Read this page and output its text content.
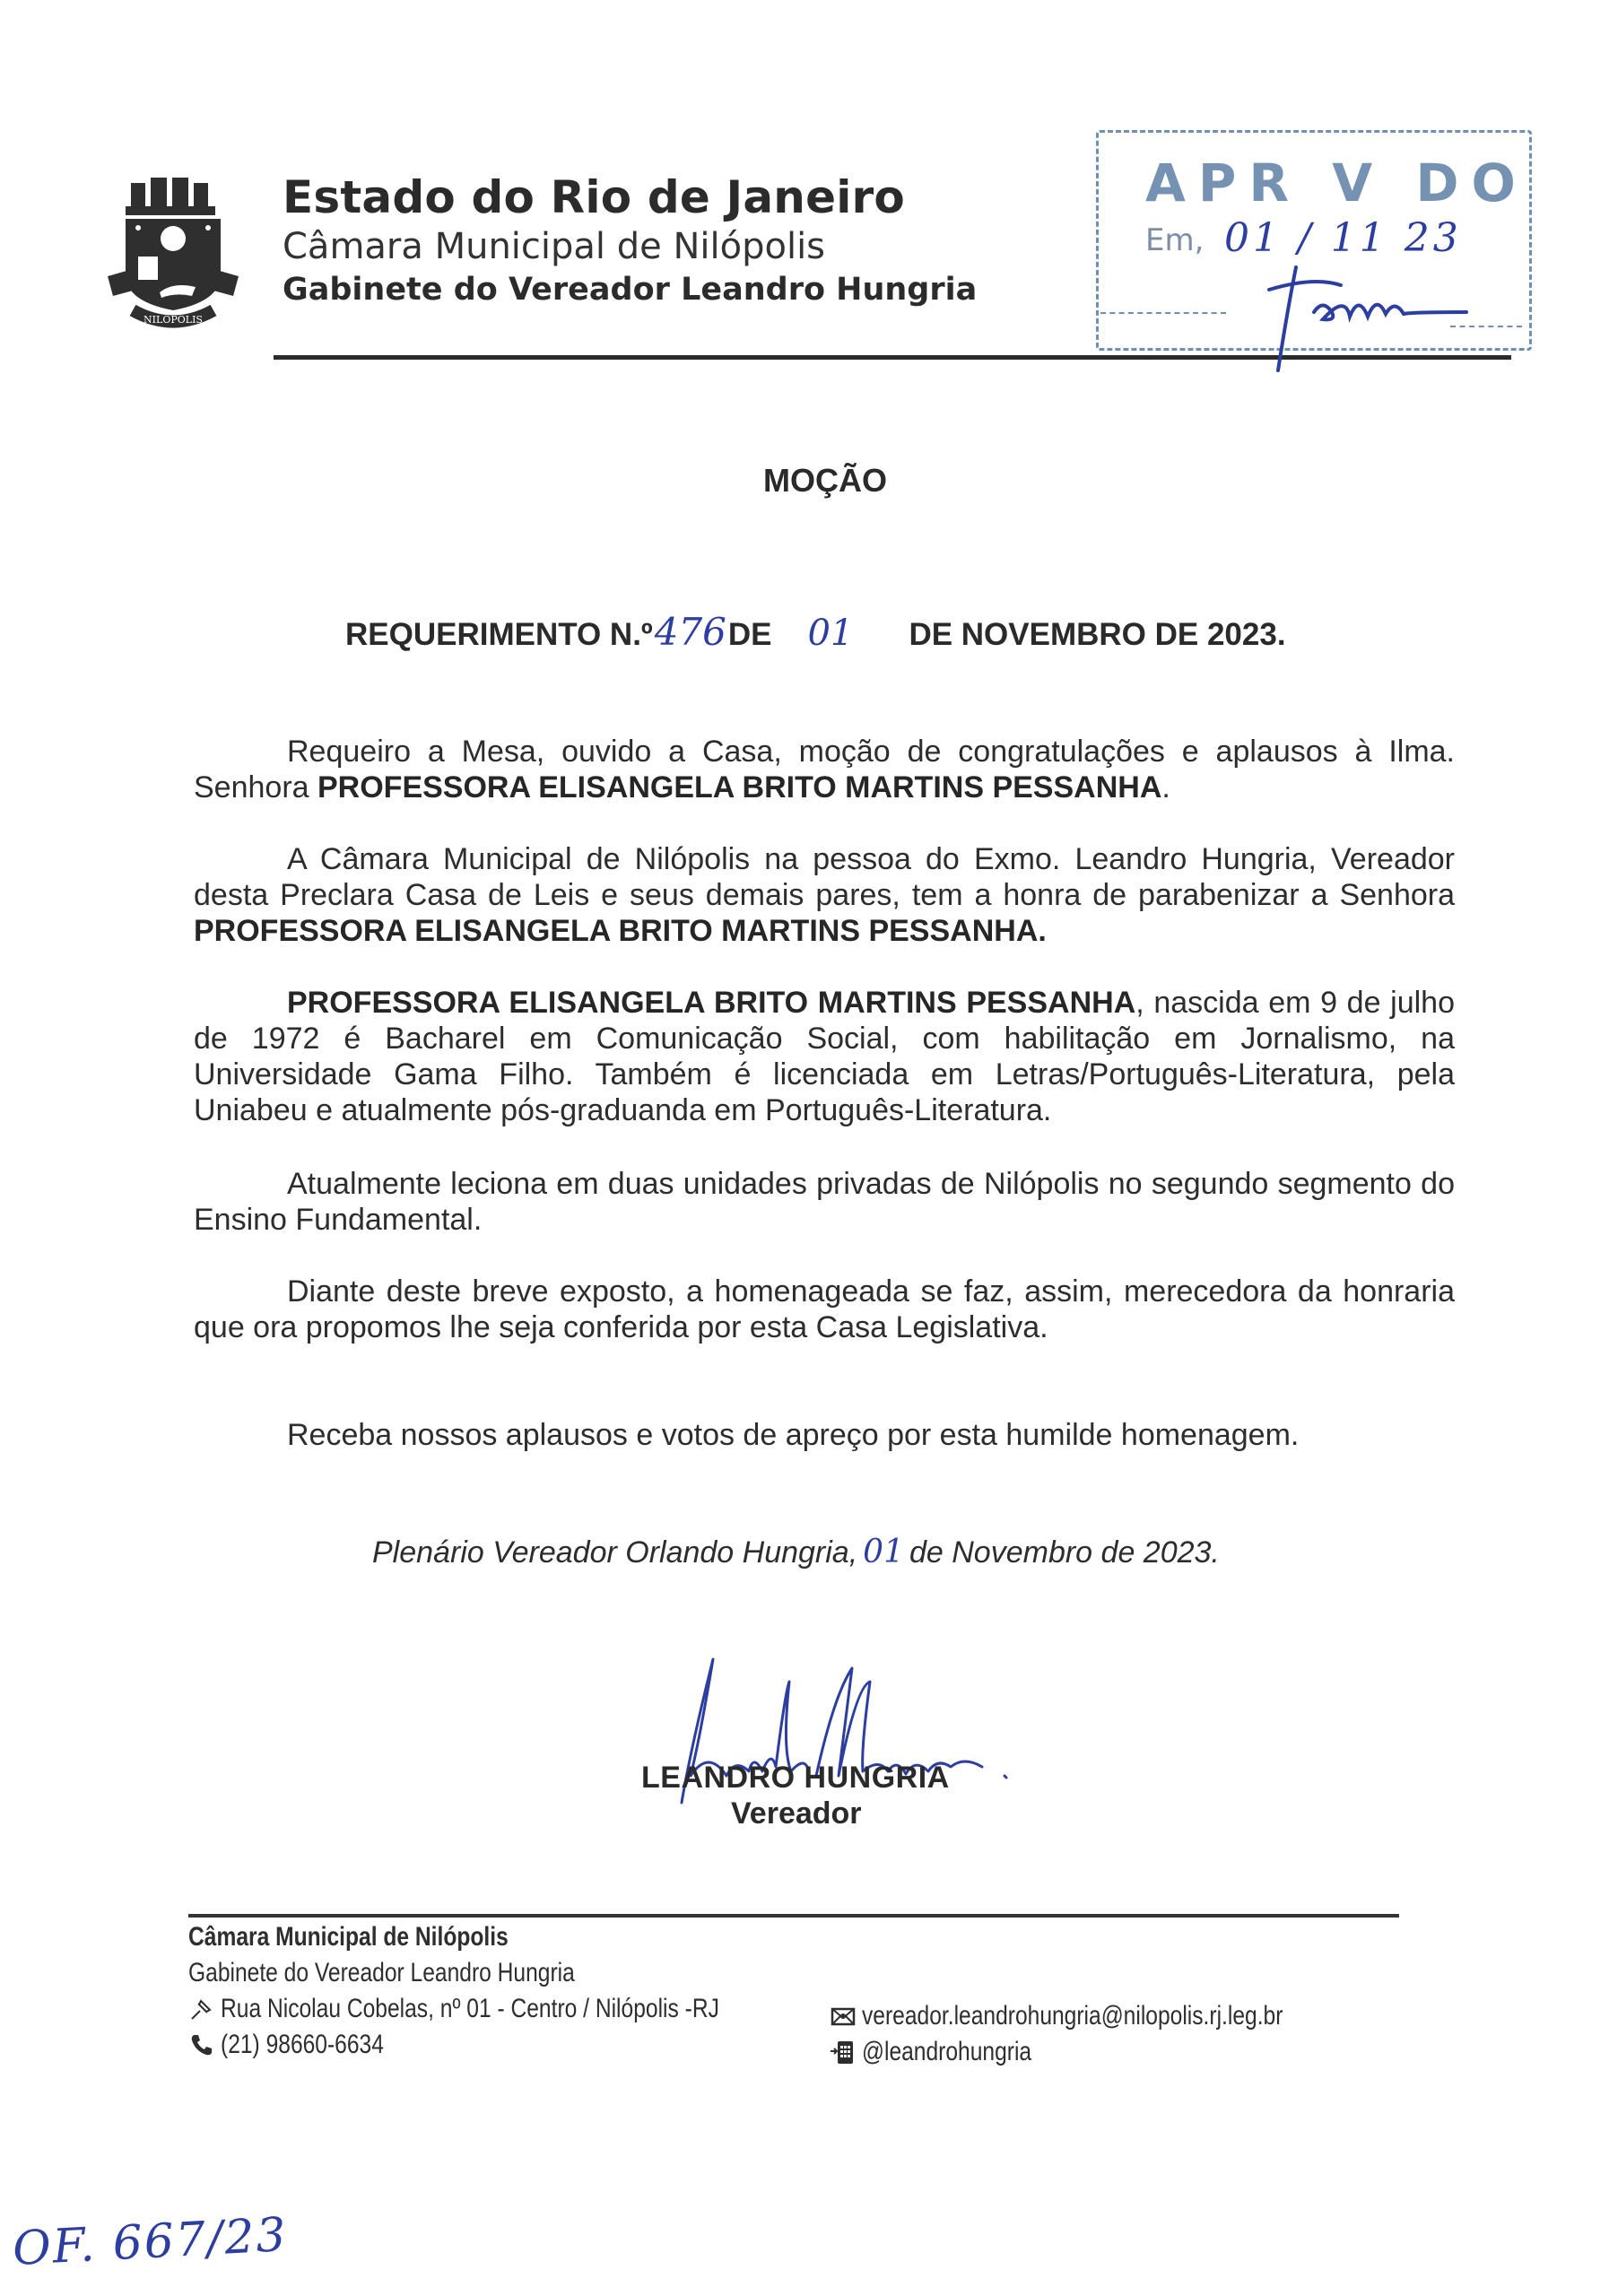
NILOPOLIS
Estado do Rio de Janeiro
Câmara Municipal de Nilópolis
Gabinete do Vereador Leandro Hungria
APR V DO
Em, 01 / 11 23
MOÇÃO
REQUERIMENTO N.º476DE 01 DE NOVEMBRO DE 2023.

Requeiro a Mesa, ouvido a Casa, moção de congratulações e aplausos à Ilma. Senhora PROFESSORA ELISANGELA BRITO MARTINS PESSANHA.

A Câmara Municipal de Nilópolis na pessoa do Exmo. Leandro Hungria, Vereador desta Preclara Casa de Leis e seus demais pares, tem a honra de parabenizar a Senhora PROFESSORA ELISANGELA BRITO MARTINS PESSANHA.

PROFESSORA ELISANGELA BRITO MARTINS PESSANHA, nascida em 9 de julho de 1972 é Bacharel em Comunicação Social, com habilitação em Jornalismo, na Universidade Gama Filho. Também é licenciada em Letras/Português-Literatura, pela Uniabeu e atualmente pós-graduanda em Português-Literatura.

Atualmente leciona em duas unidades privadas de Nilópolis no segundo segmento do Ensino Fundamental.

Diante deste breve exposto, a homenageada se faz, assim, merecedora da honraria que ora propomos lhe seja conferida por esta Casa Legislativa.

Receba nossos aplausos e votos de apreço por esta humilde homenagem.

Plenário Vereador Orlando Hungria, 01 de Novembro de 2023.
LEANDRO HUNGRIA
Vereador
Câmara Municipal de Nilópolis
Gabinete do Vereador Leandro Hungria
Rua Nicolau Cobelas, nº 01 - Centro / Nilópolis -RJ
(21) 98660-6634
vereador.leandrohungria@nilopolis.rj.leg.br
@leandrohungria
OF. 667/23
